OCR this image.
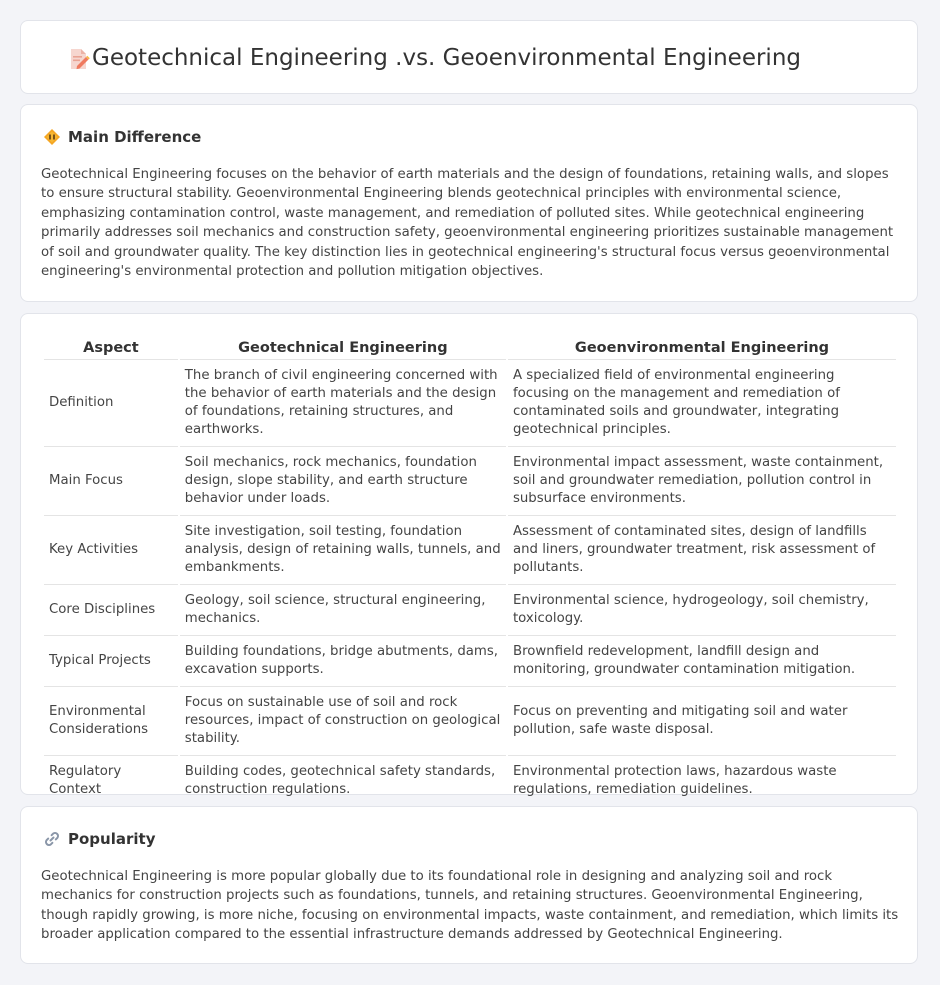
Geotechnical Engineering .vs. Geoenvironmental Engineering
Main Difference

Geotechnical Engineering focuses on the behavior of earth materials and the design of foundations, retaining walls, and slopes to ensure structural stability. Geoenvironmental Engineering blends geotechnical principles with environmental science, emphasizing contamination control, waste management, and remediation of polluted sites. While geotechnical engineering primarily addresses soil mechanics and construction safety, geoenvironmental engineering prioritizes sustainable management of soil and groundwater quality. The key distinction lies in geotechnical engineering's structural focus versus geoenvironmental engineering's environmental protection and pollution mitigation objectives.

Aspect	Geotechnical Engineering	Geoenvironmental Engineering
Definition	The branch of civil engineering concerned with the behavior of earth materials and the design of foundations, retaining structures, and earthworks.	A specialized field of environmental engineering focusing on the management and remediation of contaminated soils and groundwater, integrating geotechnical principles.
Main Focus	Soil mechanics, rock mechanics, foundation design, slope stability, and earth structure behavior under loads.	Environmental impact assessment, waste containment, soil and groundwater remediation, pollution control in subsurface environments.
Key Activities	Site investigation, soil testing, foundation analysis, design of retaining walls, tunnels, and embankments.	Assessment of contaminated sites, design of landfills and liners, groundwater treatment, risk assessment of pollutants.
Core Disciplines	Geology, soil science, structural engineering, mechanics.	Environmental science, hydrogeology, soil chemistry, toxicology.
Typical Projects	Building foundations, bridge abutments, dams, excavation supports.	Brownfield redevelopment, landfill design and monitoring, groundwater contamination mitigation.
Environmental Considerations	Focus on sustainable use of soil and rock resources, impact of construction on geological stability.	Focus on preventing and mitigating soil and water pollution, safe waste disposal.
Regulatory Context	Building codes, geotechnical safety standards, construction regulations.	Environmental protection laws, hazardous waste regulations, remediation guidelines.
Popularity

Geotechnical Engineering is more popular globally due to its foundational role in designing and analyzing soil and rock mechanics for construction projects such as foundations, tunnels, and retaining structures. Geoenvironmental Engineering, though rapidly growing, is more niche, focusing on environmental impacts, waste containment, and remediation, which limits its broader application compared to the essential infrastructure demands addressed by Geotechnical Engineering.
